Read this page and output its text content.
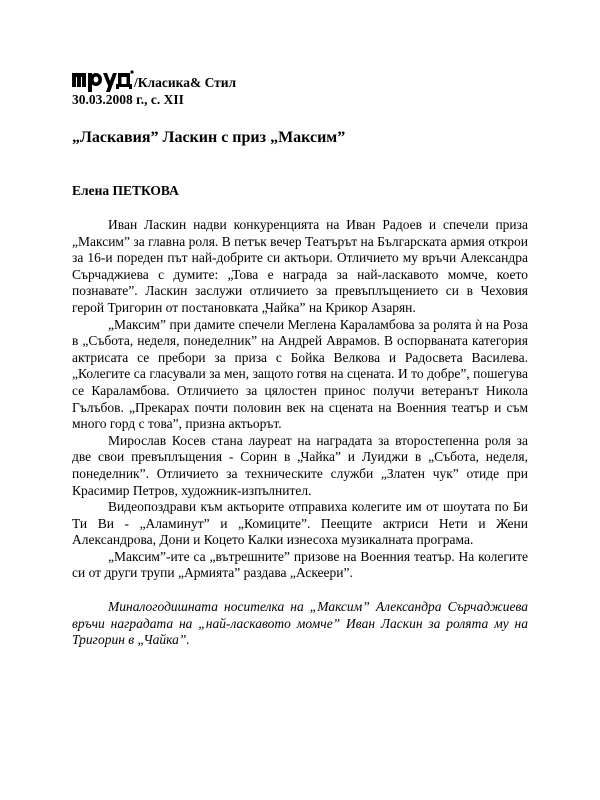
/Класика& Стил
30.03.2008 г., с. XII
„Ласкавия” Ласкин с приз „Максим”
Елена ПЕТКОВА

Иван Ласкин надви конкуренцията на Иван Радоев и спечели приза „Максим” за главна роля. В петък вечер Театърът на Българската армия открои за 16-и пореден път най-добрите си актьори. Отличието му връчи Александра Сърчаджиева с думите: „Това е награда за най-ласкавото момче, което познавате”. Ласкин заслужи отличието за превъплъщението си в Чеховия герой Тригорин от постановката „Чайка” на Крикор Азарян.

„Максим” при дамите спечели Меглена Караламбова за ролята ѝ на Роза в „Събота, неделя, понеделник” на Андрей Аврамов. В оспорваната категория актрисата се пребори за приза с Бойка Велкова и Радосвета Василева. „Колегите са гласували за мен, защото готвя на сцената. И то добре”, пошегува се Караламбова. Отличието за цялостен принос получи ветеранът Никола Гълъбов. „Прекарах почти половин век на сцената на Военния театър и съм много горд с това”, призна актьорът.

Мирослав Косев стана лауреат на наградата за второстепенна роля за две свои превъплъщения - Сорин в „Чайка” и Луиджи в „Събота, неделя, понеделник”. Отличието за техническите служби „Златен чук” отиде при Красимир Петров, художник-изпълнител.

Видеопоздрави към актьорите отправиха колегите им от шоутата по Би Ти Ви - „Аламинут” и „Комиците”. Пеещите актриси Нети и Жени Александрова, Дони и Коцето Калки изнесоха музикалната програма.

„Максим”-ите са „вътрешните” призове на Военния театър. На колегите си от други трупи „Армията” раздава „Аскеери”.

Миналогодишната носителка на „Максим” Александра Сърчаджиева връчи наградата на „най-ласкавото момче” Иван Ласкин за ролята му на Тригорин в „Чайка”.
